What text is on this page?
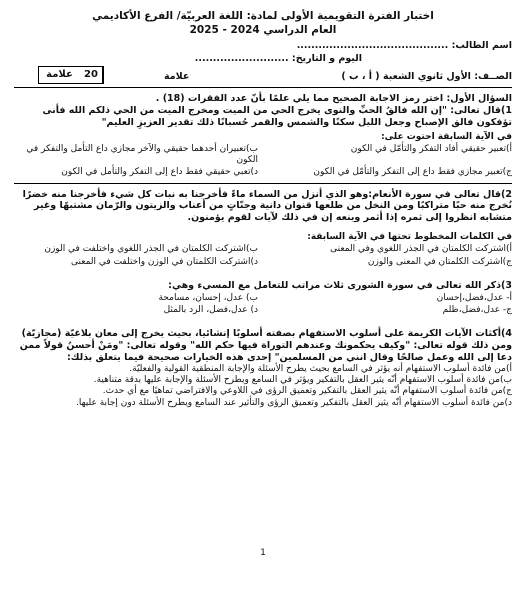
اختبار الفترة التقويمية الأولى لمادة: اللغة العربيّة/ الفرع الأكاديمي
العام الدراسي 2024 - 2025
اسم الطالب: ..........................................
اليوم و التاريخ: ..........................
الصــف: الأول ثانوي الشعبة ( أ ، ب )
علامة
20
علامة
السؤال الأول: اختر رمز الاجابة الصحيح مما يلي علمًا بأنّ عدد الفقرات (18) .
1)قال تعالى: "إن الله فالقُ الحبِّ والنوى يخرج الحي من الميت ومخرج الميت من الحي ذلكم الله فأنى تؤفكون فالق الإصباح وجعل الليل سكنًا والشمس والقمر حُسبانًا ذلك تقدير العزيزِ العليم"
في الآية السابقة احتوت على:
أ)تعبير حقيقي أفاد التفكر والتأمّل في الكون
ب)تعبيران أحدهما حقيقي والآخر مجازي داع التأمل والتفكر في الكون
ج)تعبير مجازي فقط داع إلى التفكر والتأمّل في الكون
د)تعبي حقيقي فقط داع إلى التفكر والتأمل في الكون
2)قال تعالى في سورة الأنعام:وهو الذي أنزل من السماء ماءً فأخرجنا به نبات كل شيء فأخرجنا منه خضرًا نُخرج منه حبًا متراكبًا ومن النخل من طلعها قنوان دانية وجنّاتٍ من أعناب والزيتون والرّمان مشتبهًا وغير متشابه انظروا إلى ثمره إذا أثمر وينعه إن في ذلك لآيات لقوم يؤمنون.
في الكلمات المخطوط تحتها في الآية السابقة:
أ)اشتركت الكلمتان في الجذر اللغوي وفي المعنى
ب)اشتركت الكلمتان في الجذر اللغوي واختلفت في الوزن
ج)اشتركت الكلمتان في المعنى والوزن
د)اشتركت الكلمتان في الوزن واختلفت في المعنى
3)ذكر الله تعالى في سورة الشورى ثلاث مراتب للتعامل مع المسيء وهي:
أ- عدل،فضل،إحسان
ب) عدل، إحسان، مسامحة
ج- عدل،فضل،ظلم
د) عدل،فضل، الرد بالمثل
4)أكثات الآيات الكريمة على أسلوب الاستفهام بصفته أسلوبًا إنشائيا، بحيث يخرج إلى معان بلاغيّة (مجازيّة) ومن ذلك قوله تعالى: "وكيف يحكمونك وعندهم التوراة فيها حكم الله" وقوله تعالى: "ومَنْ أحسنُ قولاً ممن دعا إلى الله وعمل صالحًا وقال انني من المسلمين" إحدى هذه الخيارات صحيحة فيما يتعلق بذلك:
أ)من فائدة أسلوب الاستفهام أنه يؤثر في السامع بحيث يطرح الأسئلة والإجابة المنطقية القولية والفعليّة.
ب)من فائدة أسلوب الاستفهام أنّه يثير العقل بالتفكير ويؤثر في السامع ويطرح الأسئلة والإجابة عليها بدقة متناهية.
ج)من فائدة أسلوب الاستفهام أنّه يثير العقل بالتفكير وتعميق الرؤى في اللاوعي والافتراضي تماهيًا مع أي حدث.
د)من فائدة أسلوب الاستفهام أنّه يثير العقل بالتفكير وتعميق الرؤى والتأثير عند السامع ويطرح الأسئلة دون إجابة عليها.
1
